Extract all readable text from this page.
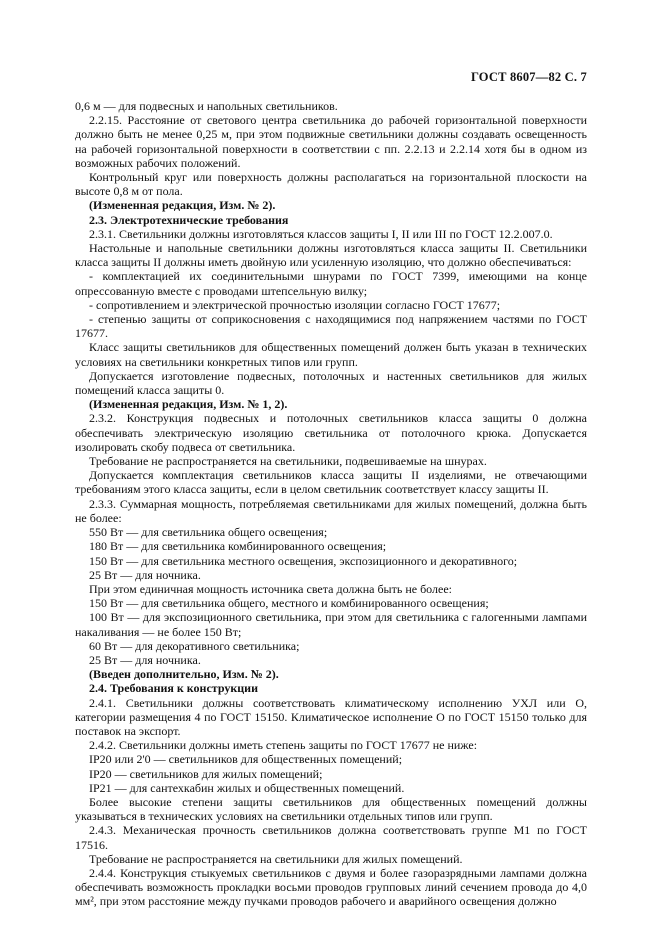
ГОСТ 8607—82 С. 7

0,6 м — для подвесных и напольных светильников.

2.2.15. Расстояние от светового центра светильника до рабочей горизонтальной поверхности должно быть не менее 0,25 м, при этом подвижные светильники должны создавать освещенность на рабочей горизонтальной поверхности в соответствии с пп. 2.2.13 и 2.2.14 хотя бы в одном из возможных рабочих положений.

Контрольный круг или поверхность должны располагаться на горизонтальной плоскости на высоте 0,8 м от пола.

(Измененная редакция, Изм. № 2).

2.3. Электротехнические требования

2.3.1. Светильники должны изготовляться классов защиты I, II или III по ГОСТ 12.2.007.0.

Настольные и напольные светильники должны изготовляться класса защиты II. Светильники класса защиты II должны иметь двойную или усиленную изоляцию, что должно обеспечиваться:

- комплектацией их соединительными шнурами по ГОСТ 7399, имеющими на конце опрессованную вместе с проводами штепсельную вилку;

- сопротивлением и электрической прочностью изоляции согласно ГОСТ 17677;

- степенью защиты от соприкосновения с находящимися под напряжением частями по ГОСТ 17677.

Класс защиты светильников для общественных помещений должен быть указан в технических условиях на светильники конкретных типов или групп.

Допускается изготовление подвесных, потолочных и настенных светильников для жилых помещений класса защиты 0.

(Измененная редакция, Изм. № 1, 2).

2.3.2. Конструкция подвесных и потолочных светильников класса защиты 0 должна обеспечивать электрическую изоляцию светильника от потолочного крюка. Допускается изолировать скобу подвеса от светильника.

Требование не распространяется на светильники, подвешиваемые на шнурах.

Допускается комплектация светильников класса защиты II изделиями, не отвечающими требованиям этого класса защиты, если в целом светильник соответствует классу защиты II.

2.3.3. Суммарная мощность, потребляемая светильниками для жилых помещений, должна быть не более:

550 Вт — для светильника общего освещения;

180 Вт — для светильника комбинированного освещения;

150 Вт — для светильника местного освещения, экспозиционного и декоративного;

25 Вт — для ночника.

При этом единичная мощность источника света должна быть не более:

150 Вт — для светильника общего, местного и комбинированного освещения;

100 Вт — для экспозиционного светильника, при этом для светильника с галогенными лампами накаливания — не более 150 Вт;

60 Вт — для декоративного светильника;

25 Вт — для ночника.

(Введен дополнительно, Изм. № 2).

2.4. Требования к конструкции

2.4.1. Светильники должны соответствовать климатическому исполнению УХЛ или О, категории размещения 4 по ГОСТ 15150. Климатическое исполнение О по ГОСТ 15150 только для поставок на экспорт.

2.4.2. Светильники должны иметь степень защиты по ГОСТ 17677 не ниже:

IP20 или 2'0 — светильников для общественных помещений;

IP20 — светильников для жилых помещений;

IP21 — для сантехкабин жилых и общественных помещений.

Более высокие степени защиты светильников для общественных помещений должны указываться в технических условиях на светильники отдельных типов или групп.

2.4.3. Механическая прочность светильников должна соответствовать группе М1 по ГОСТ 17516.

Требование не распространяется на светильники для жилых помещений.

2.4.4. Конструкция стыкуемых светильников с двумя и более газоразрядными лампами должна обеспечивать возможность прокладки восьми проводов групповых линий сечением провода до 4,0 мм², при этом расстояние между пучками проводов рабочего и аварийного освещения должно
